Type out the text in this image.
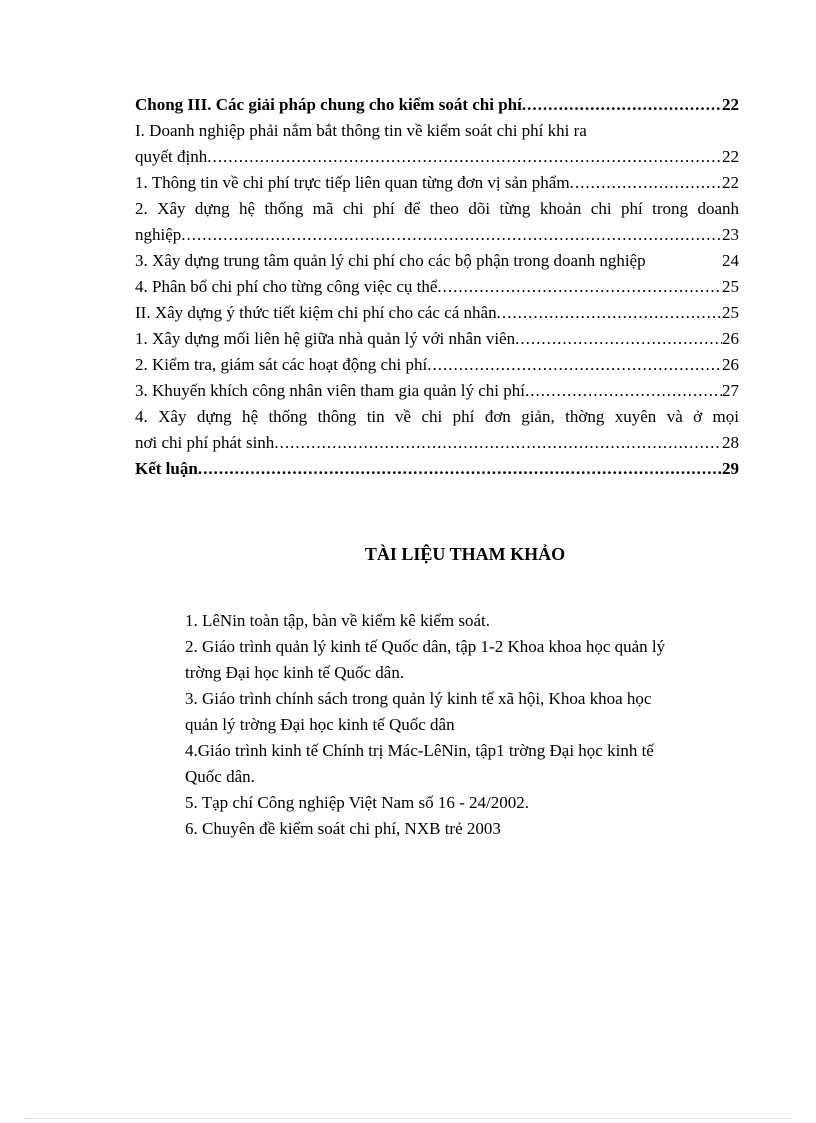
Chong III. Các giải pháp chung cho kiểm soát chi phí .....	22
I. Doanh nghiệp phải nắm bắt thông tin về kiểm soát chi phí khi ra
quyết định .....	22
1. Thông tin về chi phí trực tiếp liên quan từng đơn vị sản phẩm .....	22
2. Xây dựng hệ thống mã chi phí để theo dõi từng khoản chi phí trong doanh
nghiệp .....	23
3. Xây dựng trung tâm quản lý chi phí cho các bộ phận trong doanh nghiệp	24
4. Phân bổ chi phí cho từng công việc cụ thể .....	25
II. Xây dựng ý thức tiết kiệm chi phí cho các cá nhân .....	25
1. Xây dựng mối liên hệ giữa nhà quản lý với nhân viên .....	26
2. Kiểm tra, giám sát các hoạt động chi phí .....	26
3. Khuyến khích công nhân viên tham gia quản lý chi phí .....	27
4. Xây dựng hệ thống thông tin về chi phí đơn giản, thờng xuyên và ở mọi
nơi chi phí phát sinh .....	28
Kết luận .....	29
TÀI LIỆU THAM KHẢO
1. LêNin toàn tập, bàn về kiểm kê kiểm soát.
2. Giáo trình quản lý kinh tế Quốc dân, tập 1-2 Khoa khoa học quản lý
trờng Đại học kinh tế Quốc dân.
3. Giáo trình chính sách trong quản lý kinh tế xã hội, Khoa khoa học
quản lý trờng Đại học kinh tế Quốc dân
4.Giáo trình kinh tế Chính trị Mác-LêNin, tập1 trờng Đại học kinh tế
Quốc dân.
5. Tạp chí Công nghiệp Việt Nam số 16 - 24/2002.
6. Chuyên đề kiểm soát chi phí, NXB trẻ 2003
